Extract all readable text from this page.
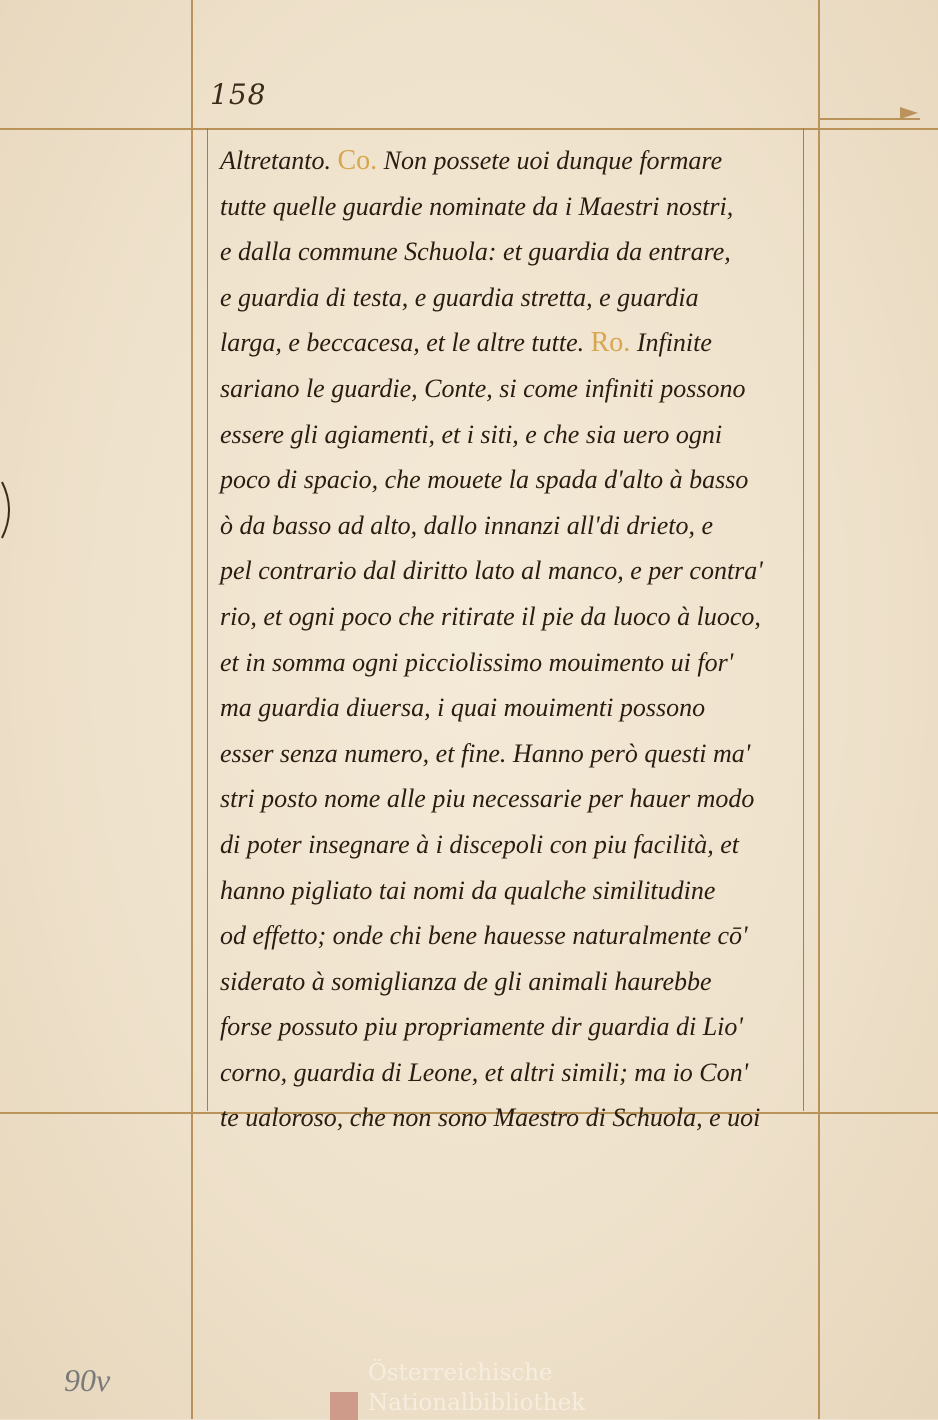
158
Altretanto. Co. Non possete uoi dunque formare
tutte quelle guardie nominate da i Maestri nostri,
e dalla commune Schuola: et guardia da entrare,
e guardia di testa, e guardia stretta, e guardia
larga, e beccacesa, et le altre tutte. Ro. Infinite
sariano le guardie, Conte, si come infiniti possono
essere gli agiamenti, et i siti, e che sia uero ogni
poco di spacio, che mouete la spada d'alto à basso
ò da basso ad alto, dallo innanzi all'di drieto, e
pel contrario dal diritto lato al manco, e per contra'
rio, et ogni poco che ritirate il pie da luoco à luoco,
et in somma ogni picciolissimo mouimento ui for'
ma guardia diuersa, i quai mouimenti possono
esser senza numero, et fine. Hanno però questi ma'
stri posto nome alle piu necessarie per hauer modo
di poter insegnare à i discepoli con piu facilità, et
hanno pigliato tai nomi da qualche similitudine
od effetto; onde chi bene hauesse naturalmente cō'
siderato à somiglianza de gli animali haurebbe
forse possuto piu propriamente dir guardia di Lio'
corno, guardia di Leone, et altri simili; ma io Con'
te ualoroso, che non sono Maestro di Schuola, e uoi
90v	Österreichische
Nationalbibliothek
